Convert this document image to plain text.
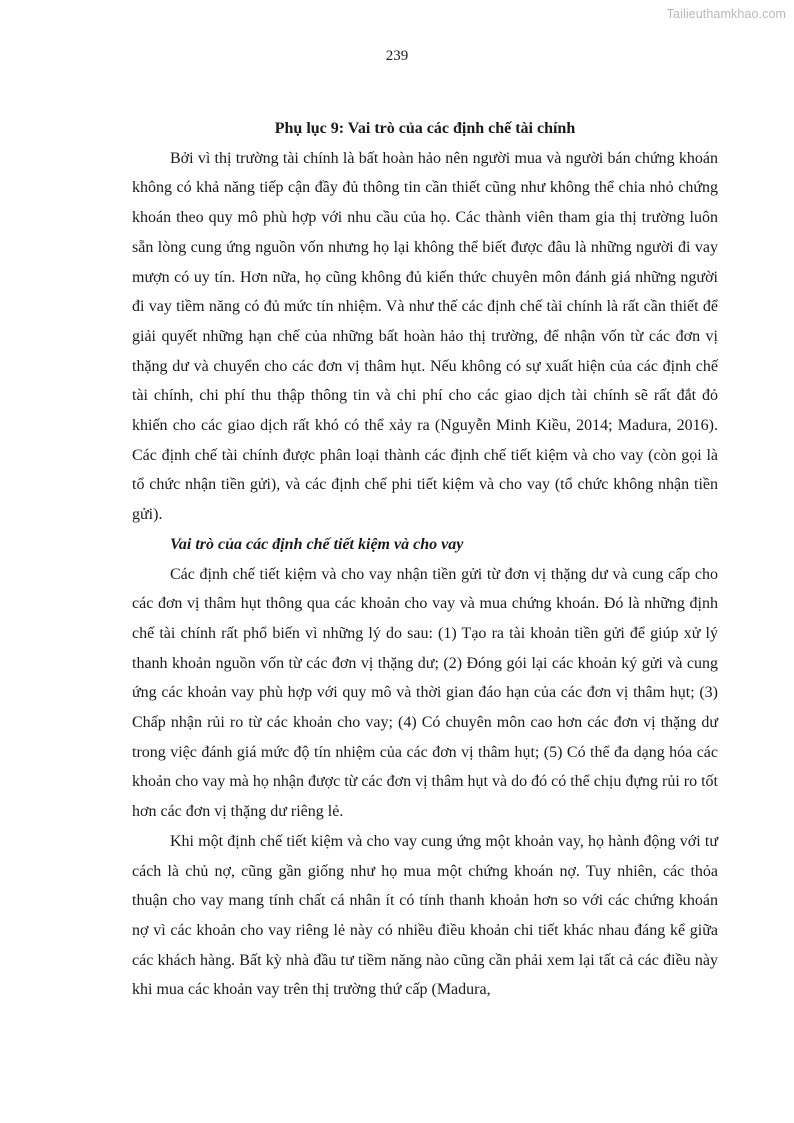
Tailieuthamkhao.com
239

Phụ lục 9: Vai trò của các định chế tài chính

Bởi vì thị trường tài chính là bất hoàn hảo nên người mua và người bán chứng khoán không có khả năng tiếp cận đầy đủ thông tin cần thiết cũng như không thể chia nhỏ chứng khoán theo quy mô phù hợp với nhu cầu của họ. Các thành viên tham gia thị trường luôn sẵn lòng cung ứng nguồn vốn nhưng họ lại không thể biết được đâu là những người đi vay mượn có uy tín. Hơn nữa, họ cũng không đủ kiến thức chuyên môn đánh giá những người đi vay tiềm năng có đủ mức tín nhiệm. Và như thế các định chế tài chính là rất cần thiết để giải quyết những hạn chế của những bất hoàn hảo thị trường, để nhận vốn từ các đơn vị thặng dư và chuyển cho các đơn vị thâm hụt. Nếu không có sự xuất hiện của các định chế tài chính, chi phí thu thập thông tin và chi phí cho các giao dịch tài chính sẽ rất đắt đỏ khiến cho các giao dịch rất khó có thể xảy ra (Nguyễn Minh Kiều, 2014; Madura, 2016). Các định chế tài chính được phân loại thành các định chế tiết kiệm và cho vay (còn gọi là tổ chức nhận tiền gửi), và các định chế phi tiết kiệm và cho vay (tổ chức không nhận tiền gửi).

Vai trò của các định chế tiết kiệm và cho vay

Các định chế tiết kiệm và cho vay nhận tiền gửi từ đơn vị thặng dư và cung cấp cho các đơn vị thâm hụt thông qua các khoản cho vay và mua chứng khoán. Đó là những định chế tài chính rất phổ biến vì những lý do sau: (1) Tạo ra tài khoản tiền gửi để giúp xử lý thanh khoản nguồn vốn từ các đơn vị thặng dư; (2) Đóng gói lại các khoản ký gửi và cung ứng các khoản vay phù hợp với quy mô và thời gian đáo hạn của các đơn vị thâm hụt; (3) Chấp nhận rủi ro từ các khoản cho vay; (4) Có chuyên môn cao hơn các đơn vị thặng dư trong việc đánh giá mức độ tín nhiệm của các đơn vị thâm hụt; (5) Có thể đa dạng hóa các khoản cho vay mà họ nhận được từ các đơn vị thâm hụt và do đó có thể chịu đựng rủi ro tốt hơn các đơn vị thặng dư riêng lẻ.

Khi một định chế tiết kiệm và cho vay cung ứng một khoản vay, họ hành động với tư cách là chủ nợ, cũng gần giống như họ mua một chứng khoán nợ. Tuy nhiên, các thỏa thuận cho vay mang tính chất cá nhân ít có tính thanh khoản hơn so với các chứng khoán nợ vì các khoản cho vay riêng lẻ này có nhiều điều khoản chi tiết khác nhau đáng kể giữa các khách hàng. Bất kỳ nhà đầu tư tiềm năng nào cũng cần phải xem lại tất cả các điều này khi mua các khoản vay trên thị trường thứ cấp (Madura,
